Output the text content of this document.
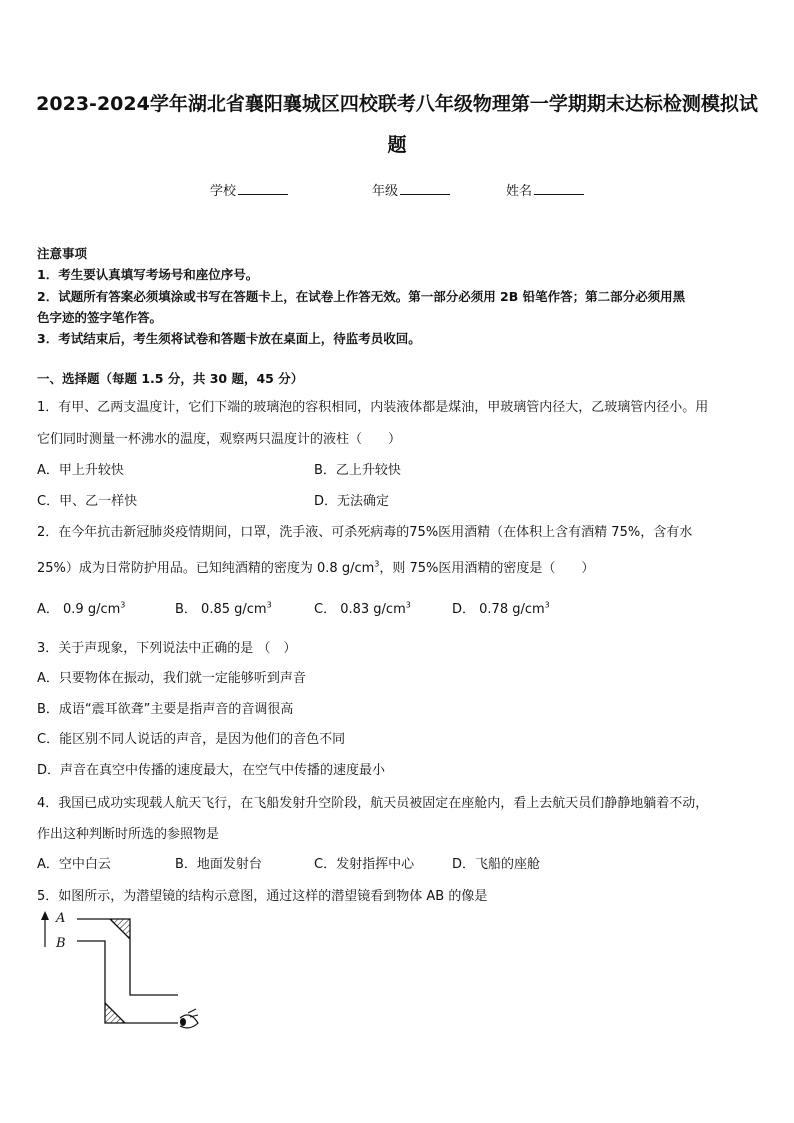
2023-2024学年湖北省襄阳襄城区四校联考八年级物理第一学期期末达标检测模拟试
题
学校	年级	姓名
注意事项
1．考生要认真填写考场号和座位序号。
2．试题所有答案必须填涂或书写在答题卡上，在试卷上作答无效。第一部分必须用 2B 铅笔作答；第二部分必须用黑
色字迹的签字笔作答。
3．考试结束后，考生须将试卷和答题卡放在桌面上，待监考员收回。
一、选择题（每题 1.5 分，共 30 题，45 分）
1．有甲、乙两支温度计，它们下端的玻璃泡的容积相同，内装液体都是煤油，甲玻璃管内径大，乙玻璃管内径小。用
它们同时测量一杯沸水的温度，观察两只温度计的液柱（　　）
A．甲上升较快	B．乙上升较快
C．甲、乙一样快	D．无法确定
2．在今年抗击新冠肺炎疫情期间，口罩，洗手液、可杀死病毒的75%医用酒精（在体积上含有酒精 75%，含有水
25%）成为日常防护用品。已知纯酒精的密度为 0.8 $g/cm^3$，则 75%医用酒精的密度是（　　）
A． 0.9 $g/cm^3$	B． 0.85 $g/cm^3$	C． 0.83 $g/cm^3$	D． 0.78 $g/cm^3$
3．关于声现象，下列说法中正确的是 （　）
A．只要物体在振动，我们就一定能够听到声音
B．成语“震耳欲聋”主要是指声音的音调很高
C．能区别不同人说话的声音，是因为他们的音色不同
D．声音在真空中传播的速度最大，在空气中传播的速度最小
4．我国已成功实现载人航天飞行，在飞船发射升空阶段，航天员被固定在座舱内，看上去航天员们静静地躺着不动，
作出这种判断时所选的参照物是
A．空中白云	B．地面发射台	C．发射指挥中心	D．飞船的座舱
5．如图所示，为潜望镜的结构示意图，通过这样的潜望镜看到物体 AB 的像是
A
B
